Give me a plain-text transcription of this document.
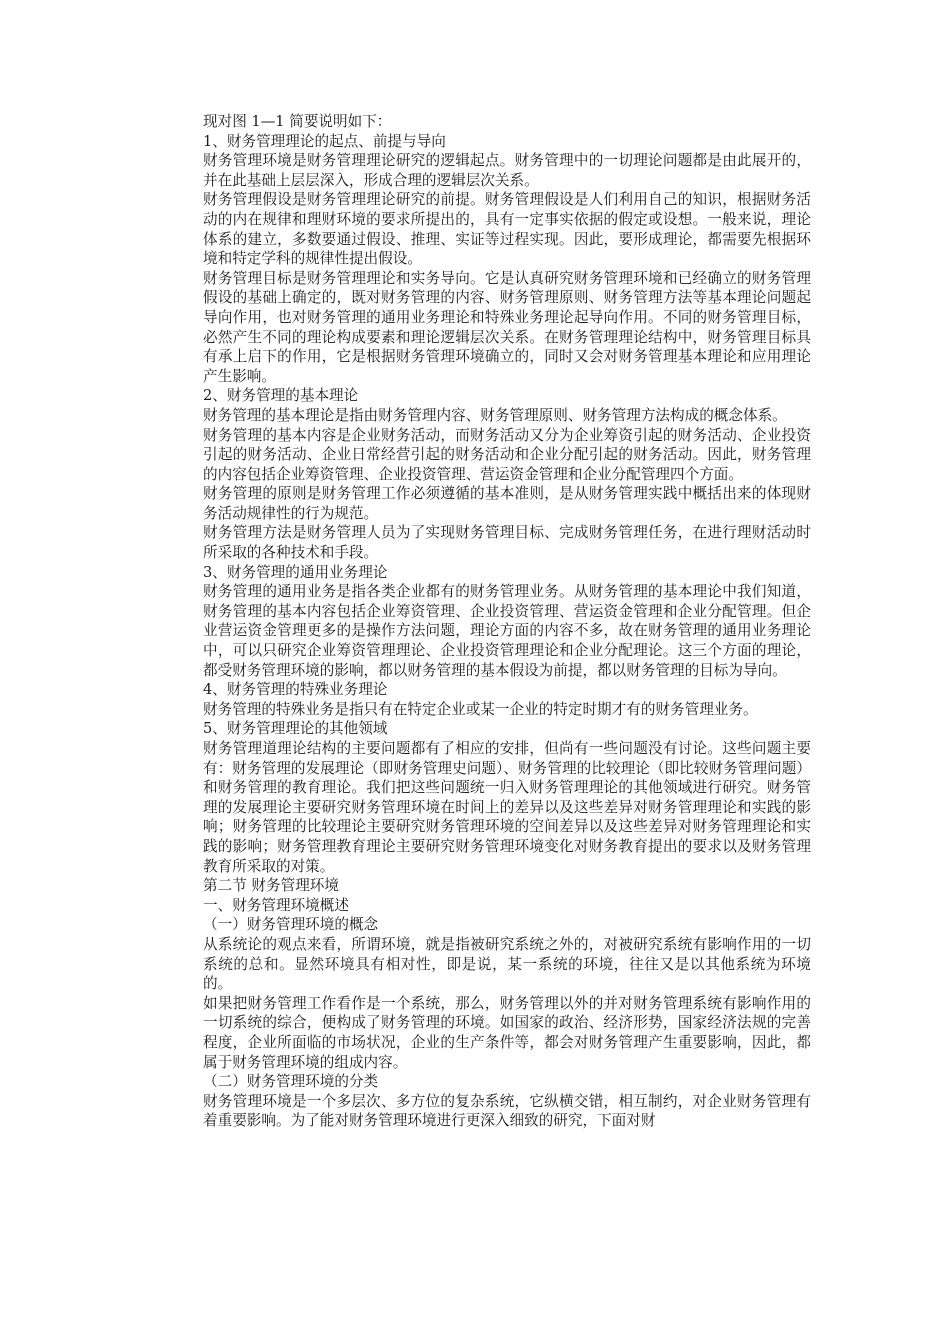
现对图 1—1 简要说明如下：

1、财务管理理论的起点、前提与导向

财务管理环境是财务管理理论研究的逻辑起点。财务管理中的一切理论问题都是由此展开的，并在此基础上层层深入，形成合理的逻辑层次关系。

财务管理假设是财务管理理论研究的前提。财务管理假设是人们利用自己的知识，根据财务活动的内在规律和理财环境的要求所提出的，具有一定事实依据的假定或设想。一般来说，理论体系的建立，多数要通过假设、推理、实证等过程实现。因此，要形成理论，都需要先根据环境和特定学科的规律性提出假设。

财务管理目标是财务管理理论和实务导向。它是认真研究财务管理环境和已经确立的财务管理假设的基础上确定的，既对财务管理的内容、财务管理原则、财务管理方法等基本理论问题起导向作用，也对财务管理的通用业务理论和特殊业务理论起导向作用。不同的财务管理目标，必然产生不同的理论构成要素和理论逻辑层次关系。在财务管理理论结构中，财务管理目标具有承上启下的作用，它是根据财务管理环境确立的，同时又会对财务管理基本理论和应用理论产生影响。

2、财务管理的基本理论

财务管理的基本理论是指由财务管理内容、财务管理原则、财务管理方法构成的概念体系。

财务管理的基本内容是企业财务活动，而财务活动又分为企业筹资引起的财务活动、企业投资引起的财务活动、企业日常经营引起的财务活动和企业分配引起的财务活动。因此，财务管理的内容包括企业筹资管理、企业投资管理、营运资金管理和企业分配管理四个方面。

财务管理的原则是财务管理工作必须遵循的基本准则，是从财务管理实践中概括出来的体现财务活动规律性的行为规范。

财务管理方法是财务管理人员为了实现财务管理目标、完成财务管理任务，在进行理财活动时所采取的各种技术和手段。

3、财务管理的通用业务理论

财务管理的通用业务是指各类企业都有的财务管理业务。从财务管理的基本理论中我们知道，财务管理的基本内容包括企业筹资管理、企业投资管理、营运资金管理和企业分配管理。但企业营运资金管理更多的是操作方法问题，理论方面的内容不多，故在财务管理的通用业务理论中，可以只研究企业筹资管理理论、企业投资管理理论和企业分配理论。这三个方面的理论，都受财务管理环境的影响，都以财务管理的基本假设为前提，都以财务管理的目标为导向。

4、财务管理的特殊业务理论

财务管理的特殊业务是指只有在特定企业或某一企业的特定时期才有的财务管理业务。

5、财务管理理论的其他领域

财务管理道理论结构的主要问题都有了相应的安排，但尚有一些问题没有讨论。这些问题主要有：财务管理的发展理论（即财务管理史问题）、财务管理的比较理论（即比较财务管理问题）和财务管理的教育理论。我们把这些问题统一归入财务管理理论的其他领域进行研究。财务管理的发展理论主要研究财务管理环境在时间上的差异以及这些差异对财务管理理论和实践的影响；财务管理的比较理论主要研究财务管理环境的空间差异以及这些差异对财务管理理论和实践的影响；财务管理教育理论主要研究财务管理环境变化对财务教育提出的要求以及财务管理教育所采取的对策。

第二节 财务管理环境

一、财务管理环境概述

（一）财务管理环境的概念

从系统论的观点来看，所谓环境，就是指被研究系统之外的，对被研究系统有影响作用的一切系统的总和。显然环境具有相对性，即是说，某一系统的环境，往往又是以其他系统为环境的。

如果把财务管理工作看作是一个系统，那么，财务管理以外的并对财务管理系统有影响作用的一切系统的综合，便构成了财务管理的环境。如国家的政治、经济形势，国家经济法规的完善程度，企业所面临的市场状况，企业的生产条件等，都会对财务管理产生重要影响，因此，都属于财务管理环境的组成内容。

（二）财务管理环境的分类

财务管理环境是一个多层次、多方位的复杂系统，它纵横交错，相互制约，对企业财务管理有着重要影响。为了能对财务管理环境进行更深入细致的研究，下面对财
